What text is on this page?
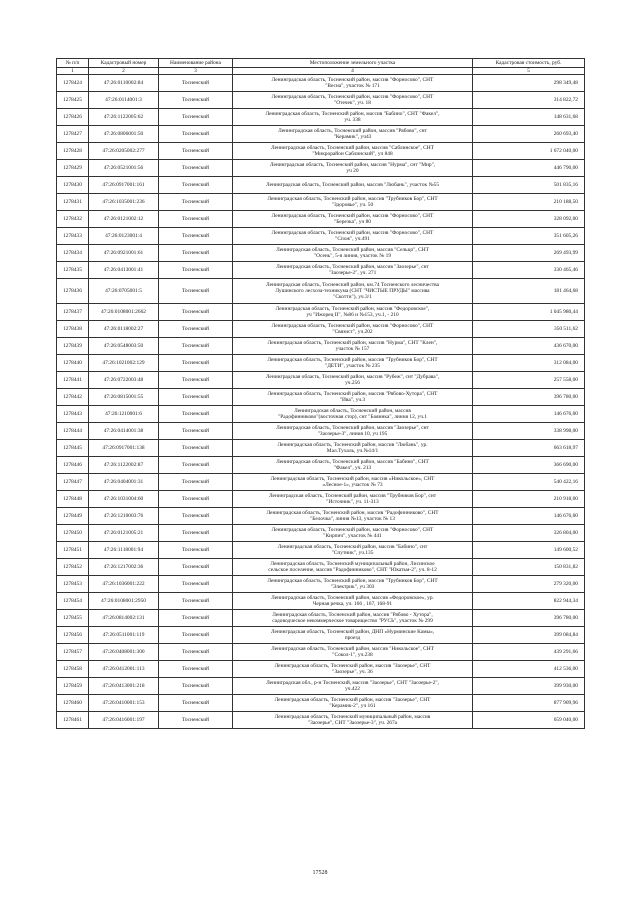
№ п/п	Кадастровый номер	Наименование района	Местоположение земельного участка	Кадастровая стоимость, руб.
1	2	3	4	5
1278424	47:26:0110002:84	Тосненский	Ленинградская область, Тосненский район, массив "Форносово", СНТ
"Весна", участок № 171	298 349,48
1278425	47:26:0114001:3	Тосненский	Ленинградская область, Тосненский район, массив "Форносово", СНТ
"Отечек", уч. 18	314 822,72
1278426	47:26:1122005:62	Тосненский	Ленинградская область, Тосненский район, массив "Бабино", СНТ "Факел",
уч. 338	148 631,68
1278427	47:26:0806001:50	Тосненский	Ленинградская область, Тосненский район, массив "Рябово", снт
"Керамик", уч43	260 693,40
1278428	47:26:0205002:277	Тосненский	Ленинградская область, Тосненский район, массив "Саблинское", СНТ
"Микрорайон Саблинский", уч 848	1 672 040,00
1278429	47:26:0521001:56	Тосненский	Ленинградская область, Тосненский район, массив "Нурма", снт "Мир",
уч 20	446 790,00
1278430	47:26:0917001:161	Тосненский	Ленинградская область, Тосненский район, массив "Любань", участок №55	501 835,16
1278431	47:26:1035001:236	Тосненский	Ленинградская область, Тосненский район, массив "Трубников Бор", СНТ
"Здоровье", уч. 50	210 188,50
1278432	47:26:0121002:12	Тосненский	Ленинградская область, Тосненский район, массив "Форносово", СНТ
"Березка", уч 80	328 092,00
1278433	47:26:0123001:4	Тосненский	Ленинградская область, Тосненский район, массив "Форносово", СНТ
"Спож", уч.491	351 605,26
1278434	47:26:0921001:61	Тосненский	Ленинградская область, Тосненский район, массив "Сельцо", СНТ
"Осень", 5-я линия, участок № 19	269 493,99
1278435	47:26:0413001:41	Тосненский	Ленинградская область, Тосненский район, массив "Заозерье", снт
"Заозерье-2", уч. 271	330 465,46
1278436	47:26:0705001:5	Тосненский	Ленинградская область, Тосненский район, км.74 Тосненского лесничества
Лушинского лесхоза-техникума (СНТ "ЧИСТЫЕ ПРУДЫ" массива
"Скотти"), уч.3/1	181 464,68
1278437	47:26:0108001:2662	Тосненский	Ленинградская область, Тосненский район, массив "Федоровское",
уч "Ижорец II", №86 и №153, уч.1, - 210	1 045 980,44
1278438	47:26:0118002:27	Тосненский	Ленинградская область, Тосненский район, массив "Форносово", СНТ
"Связист", уч.202	350 511,62
1278439	47:26:0548003:50	Тосненский	Ленинградская область, Тосненский район, массив "Нурма", СНТ "Клен",
участок № 157	436 670,00
1278440	47:26:1021002:129	Тосненский	Ленинградская область, Тосненский район, массив "Трубников Бор", СНТ
"ДЕТИ", участок № 235	312 084,00
1278441	47:26:0722003:48	Тосненский	Ленинградская область, Тосненский район, массив "Рубеж", снт "Дубрава",
уч.256	257 558,00
1278442	47:26:0815001:55	Тосненский	Ленинградская область, Тосненский район, массив "Рябово-Хутора", СНТ
"Ива", уч.3	396 780,00
1278443	47:26:1210001:6	Тосненский	Ленинградская область, Тосненский район, массив
"Радофинниково"(восточная стор), снт "Бояинка", линия 12, уч.1	146 676,00
1278444	47:26:0414001:38	Тосненский	Ленинградская область, Тосненский район, массив "Заозерье", снт
"Заозерье-3", линия 10, уч 195	338 998,00
1278445	47:26:0917001:138	Тосненский	Ленинградская область, Тосненский район, массив "Любань", ур.
Мал.Тухаль, уч.№14/1	663 618,97
1278446	47:26:1122002:87	Тосненский	Ленинградская область, Тосненский район, массив "Бабино", СНТ
"Факел", уч. 213	366 690,00
1278447	47:26:0404001:31	Тосненский	Ленинградская область, Тосненский район, массив «Никольское», СНТ
«Лесное-1», участок № 73	540 422,16
1278448	47:26:1031004:60	Тосненский	Ленинградская область, Тосненский район, массив "Трубников Бор", снт
"Источник", уч. 11-313	210 918,00
1278449	47:26:1210003:76	Тосненский	Ленинградская область, Тосненский район, массив "Радофинниково", СНТ
"Белочка", линия №13, участок № 13	146 676,00
1278450	47:26:0121005:21	Тосненский	Ленинградская область, Тосненский район, массив "Форносово", СНТ
"Кирпич", участок № 441	326 804,00
1278451	47:26:1118001:94	Тосненский	Ленинградская область, Тосненский район, массив "Бабино", снт
"Спутник", уч.135	149 600,52
1278452	47:26:1217002:36	Тосненский	Ленинградская область, Тосненский муниципальный район, Лисинское
сельское поселение, массив "Радофинниково", СНТ "Юкатьм-2", уч. 8-12	150 831,82
1278453	47:26:1036001:222	Тосненский	Ленинградская область, Тосненский район, массив "Трубников Бор", СНТ
"Электрик", уч 303	279 320,00
1278454	47:26:0108001:2950	Тосненский	Ленинградская область, Тосненский район, массив «Федоровское», ур.
Черная речка, уч. 166 , 167, 168-91	822 944,34
1278455	47:26:0814002:131	Тосненский	Ленинградская область, Тосненский район, массив "Рябово - Хутора",
садоводческое некоммерческое товарищество "РУСЬ", участок № 299	396 780,00
1278456	47:26:0511001:119	Тосненский	Ленинградская область, Тосненский район, ДНП «Нурминские Камы»,
проезд	399 084,84
1278457	47:26:0408001:300	Тосненский	Ленинградская область, Тосненский район, массив "Никольское", СНТ
"Сокол-1", уч.238	439 291,66
1278458	47:26:0412001:113	Тосненский	Ленинградская область, Тосненский район, массив "Заозерье", СНТ
"Заозерье", уч. 36	412 536,00
1278459	47:26:0413001:218	Тосненский	Ленинградская обл., р-н Тосненский, массив "Заозерье", СНТ "Заозерье-2",
уч.422	399 930,00
1278460	47:26:0410001:153	Тосненский	Ленинградская область, Тосненский район, массив "Заозерье", СНТ
"Керамик-2", уч 161	877 909,96
1278461	47:26:0416001:197	Тосненский	Ленинградская область, Тосненский муниципальный район, массив
"Заозерье", СНТ "Заозерье-3", уч. 267а	659 040,00
17528
